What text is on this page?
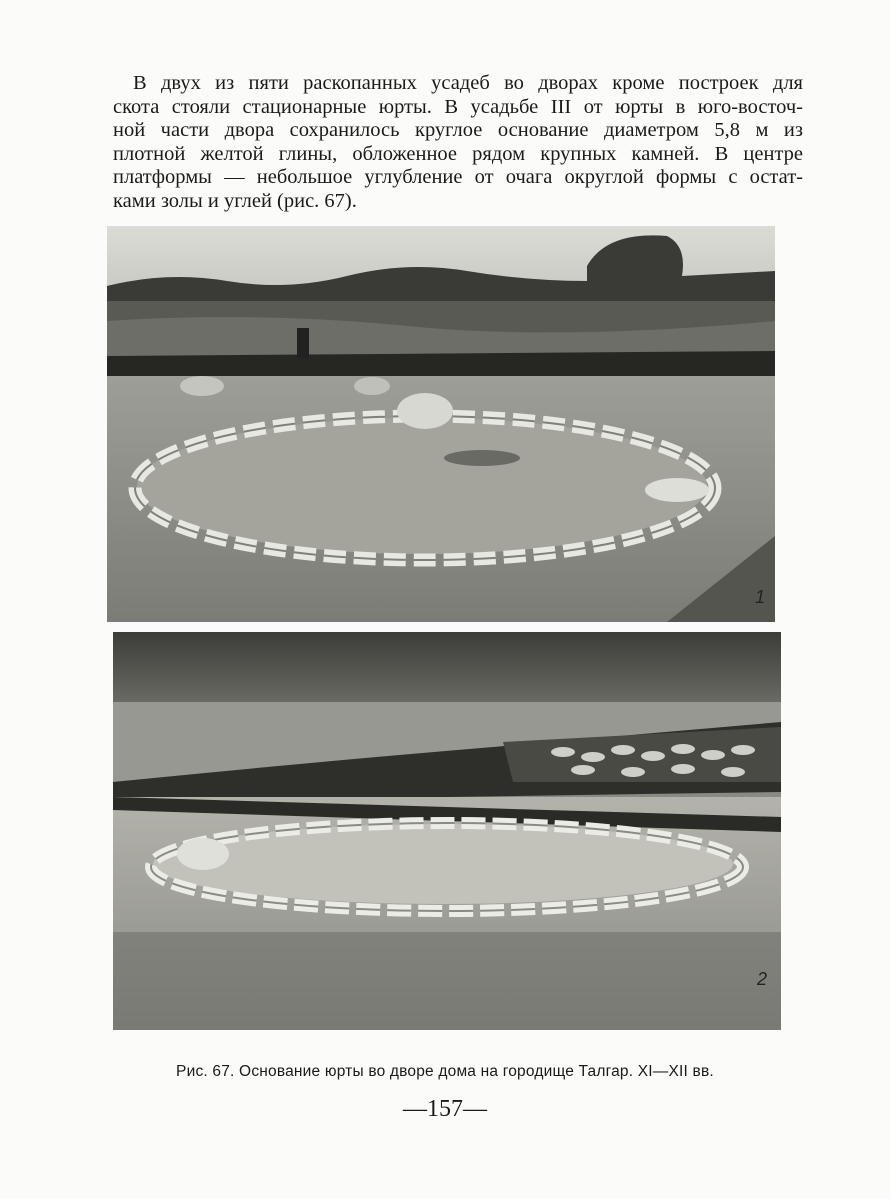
В двух из пяти раскопанных усадеб во дворах кроме построек для
скота стояли стационарные юрты. В усадьбе III от юрты в юго-восточ-
ной части двора сохранилось круглое основание диаметром 5,8 м из
плотной желтой глины, обложенное рядом крупных камней. В центре
платформы — небольшое углубление от очага округлой формы с остат-
ками золы и углей (рис. 67).
1
2
Рис. 67. Основание юрты во дворе дома на городище Талгар. XI—XII вв.
—157—
